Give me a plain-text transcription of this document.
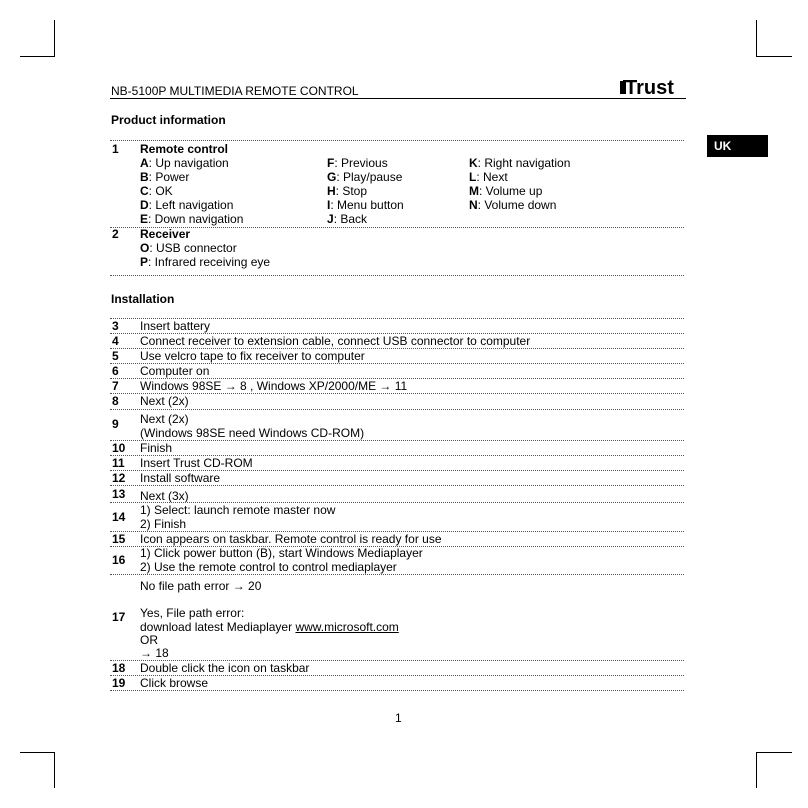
NB-5100P MULTIMEDIA REMOTE CONTROL	Trust
UK
Product information
1 Remote control
A: Up navigation
B: Power
C: OK
D: Left navigation
E: Down navigation
F: Previous
G: Play/pause
H: Stop
I: Menu button
J: Back
K: Right navigation
L: Next
M: Volume up
N: Volume down
2 Receiver
O: USB connector
P: Infrared receiving eye
Installation
3 Insert battery
4 Connect receiver to extension cable, connect USB connector to computer
5 Use velcro tape to fix receiver to computer
6 Computer on
7 Windows 98SE → 8 , Windows XP/2000/ME → 11
8 Next (2x)
9 Next (2x)
(Windows 98SE need Windows CD-ROM)
10 Finish
11 Insert Trust CD-ROM
12 Install software
13 Next (3x)
14 1) Select: launch remote master now
2) Finish
15 Icon appears on taskbar. Remote control is ready for use
16 1) Click power button (B), start Windows Mediaplayer
2) Use the remote control to control mediaplayer
17
No file path error → 20
Yes, File path error:
download latest Mediaplayer www.microsoft.com
OR
→ 18
18 Double click the icon on taskbar
19 Click browse
1
